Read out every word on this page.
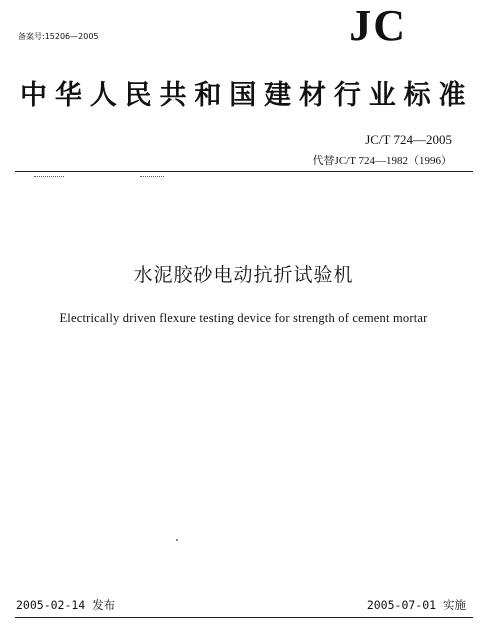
备案号:15206—2005	JC
中华人民共和国建材行业标准
JC/T 724—2005
代替JC/T 724—1982（1996）
水泥胶砂电动抗折试验机
Electrically driven flexure testing device for strength of cement mortar
2005-02-14 发布	2005-07-01 实施
